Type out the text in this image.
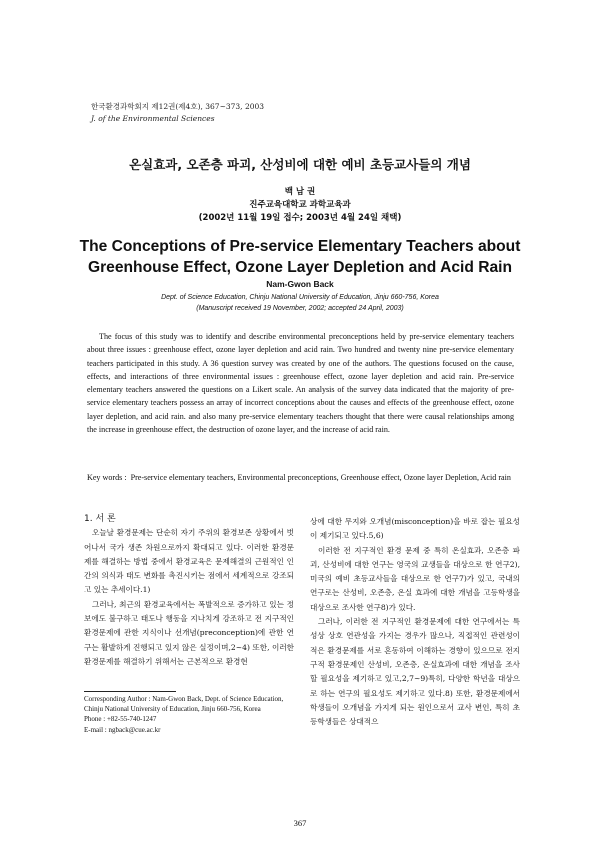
한국환경과학회지 제12권(제4호), 367~373, 2003
J. of the Environmental Sciences
온실효과, 오존층 파괴, 산성비에 대한 예비 초등교사들의 개념
백 남 권
진주교육대학교 과학교육과
(2002년 11월 19일 접수; 2003년 4월 24일 채택)
The Conceptions of Pre-service Elementary Teachers about
Greenhouse Effect, Ozone Layer Depletion and Acid Rain
Nam-Gwon Back
Dept. of Science Education, Chinju National University of Education, Jinju 660-756, Korea
(Manuscript received 19 November, 2002; accepted 24 April, 2003)

The focus of this study was to identify and describe environmental preconceptions held by pre-service elementary teachers about three issues : greenhouse effect, ozone layer depletion and acid rain. Two hundred and twenty nine pre-service elementary teachers participated in this study. A 36 question survey was created by one of the authors. The questions focused on the cause, effects, and interactions of three environmental issues : greenhouse effect, ozone layer depletion and acid rain. Pre-service elementary teachers answered the questions on a Likert scale. An analysis of the survey data indicated that the majority of pre-service elementary teachers possess an array of incorrect conceptions about the causes and effects of the greenhouse effect, ozone layer depletion, and acid rain. and also many pre-service elementary teachers thought that there were causal relationships among the increase in greenhouse effect, the destruction of ozone layer, and the increase of acid rain.

Key words : Pre-service elementary teachers, Environmental preconceptions, Greenhouse effect, Ozone layer Depletion, Acid rain

1. 서 론

오늘날 환경문제는 단순히 자기 주위의 환경보존 상황에서 벗어나서 국가 생존 차원으로까지 확대되고 있다. 이러한 환경문제를 해결하는 방법 중에서 환경교육은 문제해결의 근원적인 인간의 의식과 태도 변화를 촉진시키는 점에서 세계적으로 강조되고 있는 추세이다.1)

그러나, 최근의 환경교육에서는 폭발적으로 증가하고 있는 정보에도 불구하고 태도나 행동을 지나치게 강조하고 전 지구적인 환경문제에 관한 지식이나 선개념(preconception)에 관한 연구는 활발하게 진행되고 있지 않은 실정이며,2~4) 또한, 이러한 환경문제를 해결하기 위해서는 근본적으로 환경현

상에 대한 무지와 오개념(misconception)을 바로 잡는 필요성이 제기되고 있다.5,6)

이러한 전 지구적인 환경 문제 중 특히 온실효과, 오존층 파괴, 산성비에 대한 연구는 영국의 교생들을 대상으로 한 연구2), 미국의 예비 초등교사들을 대상으로 한 연구7)가 있고, 국내의 연구로는 산성비, 오존층, 온실 효과에 대한 개념을 고등학생을 대상으로 조사한 연구8)가 있다.

그러나, 이러한 전 지구적인 환경문제에 대한 연구에서는 특성상 상호 연관성을 가지는 경우가 많으나, 직접적인 관련성이 적은 환경문제를 서로 혼동하여 이해하는 경향이 있으므로 전지구적 환경문제인 산성비, 오존층, 온실효과에 대한 개념을 조사할 필요성을 제기하고 있고,2,7~9)특히, 다양한 학년을 대상으로 하는 연구의 필요성도 제기하고 있다.8) 또한, 환경문제에서 학생들이 오개념을 가지게 되는 원인으로서 교사 변인, 특히 초등학생들은 상대적으

Corresponding Author : Nam-Gwon Back, Dept. of Science Education, Chinju National University of Education, Jinju 660-756, Korea
Phone : +82-55-740-1247
E-mail : ngback@cue.ac.kr
367
